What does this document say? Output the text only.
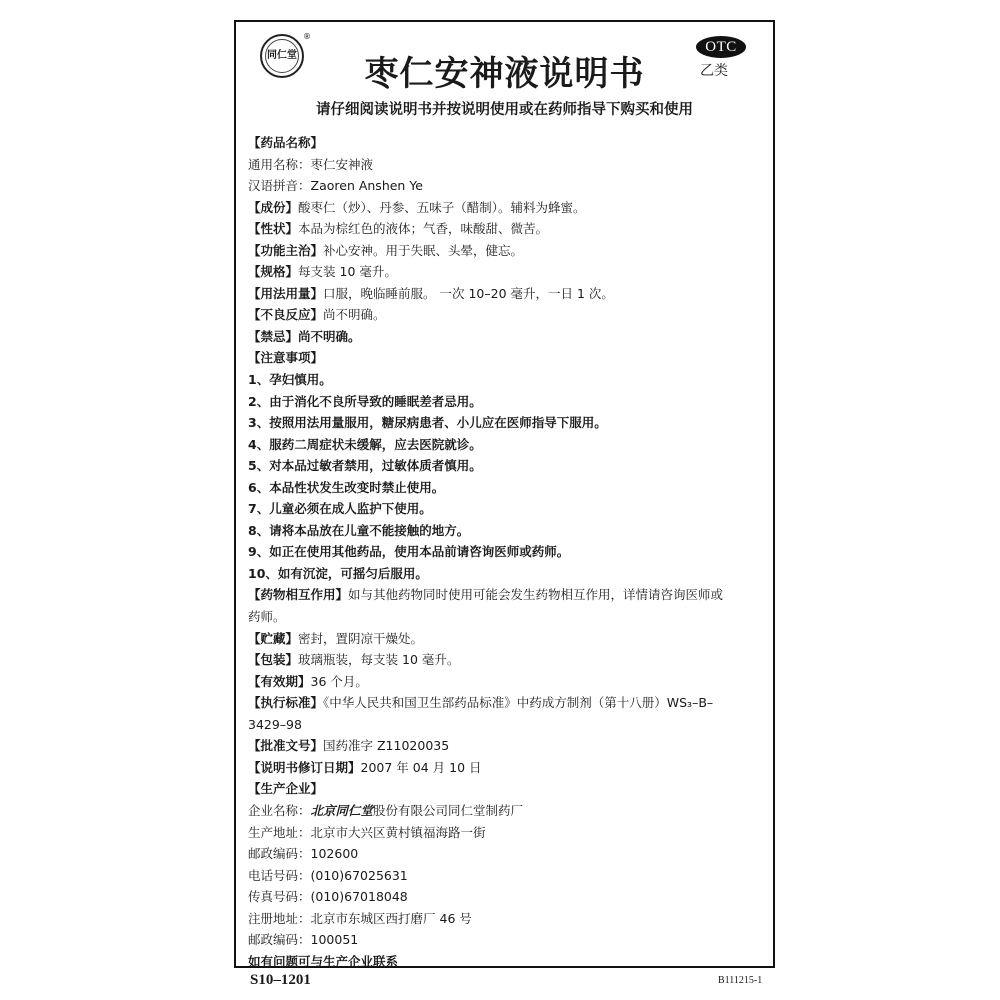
同仁堂
®
枣仁安神液说明书
OTC
乙类
请仔细阅读说明书并按说明使用或在药师指导下购买和使用
【药品名称】
通用名称：枣仁安神液
汉语拼音：Zaoren Anshen Ye
【成份】酸枣仁（炒）、丹参、五味子（醋制）。辅料为蜂蜜。
【性状】本品为棕红色的液体；气香，味酸甜、微苦。
【功能主治】补心安神。用于失眠、头晕，健忘。
【规格】每支装 10 毫升。
【用法用量】口服，晚临睡前服。 一次 10–20 毫升，一日 1 次。
【不良反应】尚不明确。
【禁忌】尚不明确。
【注意事项】
1、孕妇慎用。
2、由于消化不良所导致的睡眠差者忌用。
3、按照用法用量服用，糖尿病患者、小儿应在医师指导下服用。
4、服药二周症状未缓解，应去医院就诊。
5、对本品过敏者禁用，过敏体质者慎用。
6、本品性状发生改变时禁止使用。
7、儿童必须在成人监护下使用。
8、请将本品放在儿童不能接触的地方。
9、如正在使用其他药品，使用本品前请咨询医师或药师。
10、如有沉淀，可摇匀后服用。
【药物相互作用】如与其他药物同时使用可能会发生药物相互作用，详情请咨询医师或
药师。
【贮藏】密封，置阴凉干燥处。
【包装】玻璃瓶装，每支装 10 毫升。
【有效期】36 个月。
【执行标准】《中华人民共和国卫生部药品标准》中药成方制剂（第十八册）WS₃–B–
3429–98
【批准文号】国药准字 Z11020035
【说明书修订日期】2007 年 04 月 10 日
【生产企业】
企业名称：北京同仁堂股份有限公司同仁堂制药厂
生产地址：北京市大兴区黄村镇福海路一街
邮政编码：102600
电话号码：(010)67025631
传真号码：(010)67018048
注册地址：北京市东城区西打磨厂 46 号
邮政编码：100051
如有问题可与生产企业联系
S10–1201	B111215-1
